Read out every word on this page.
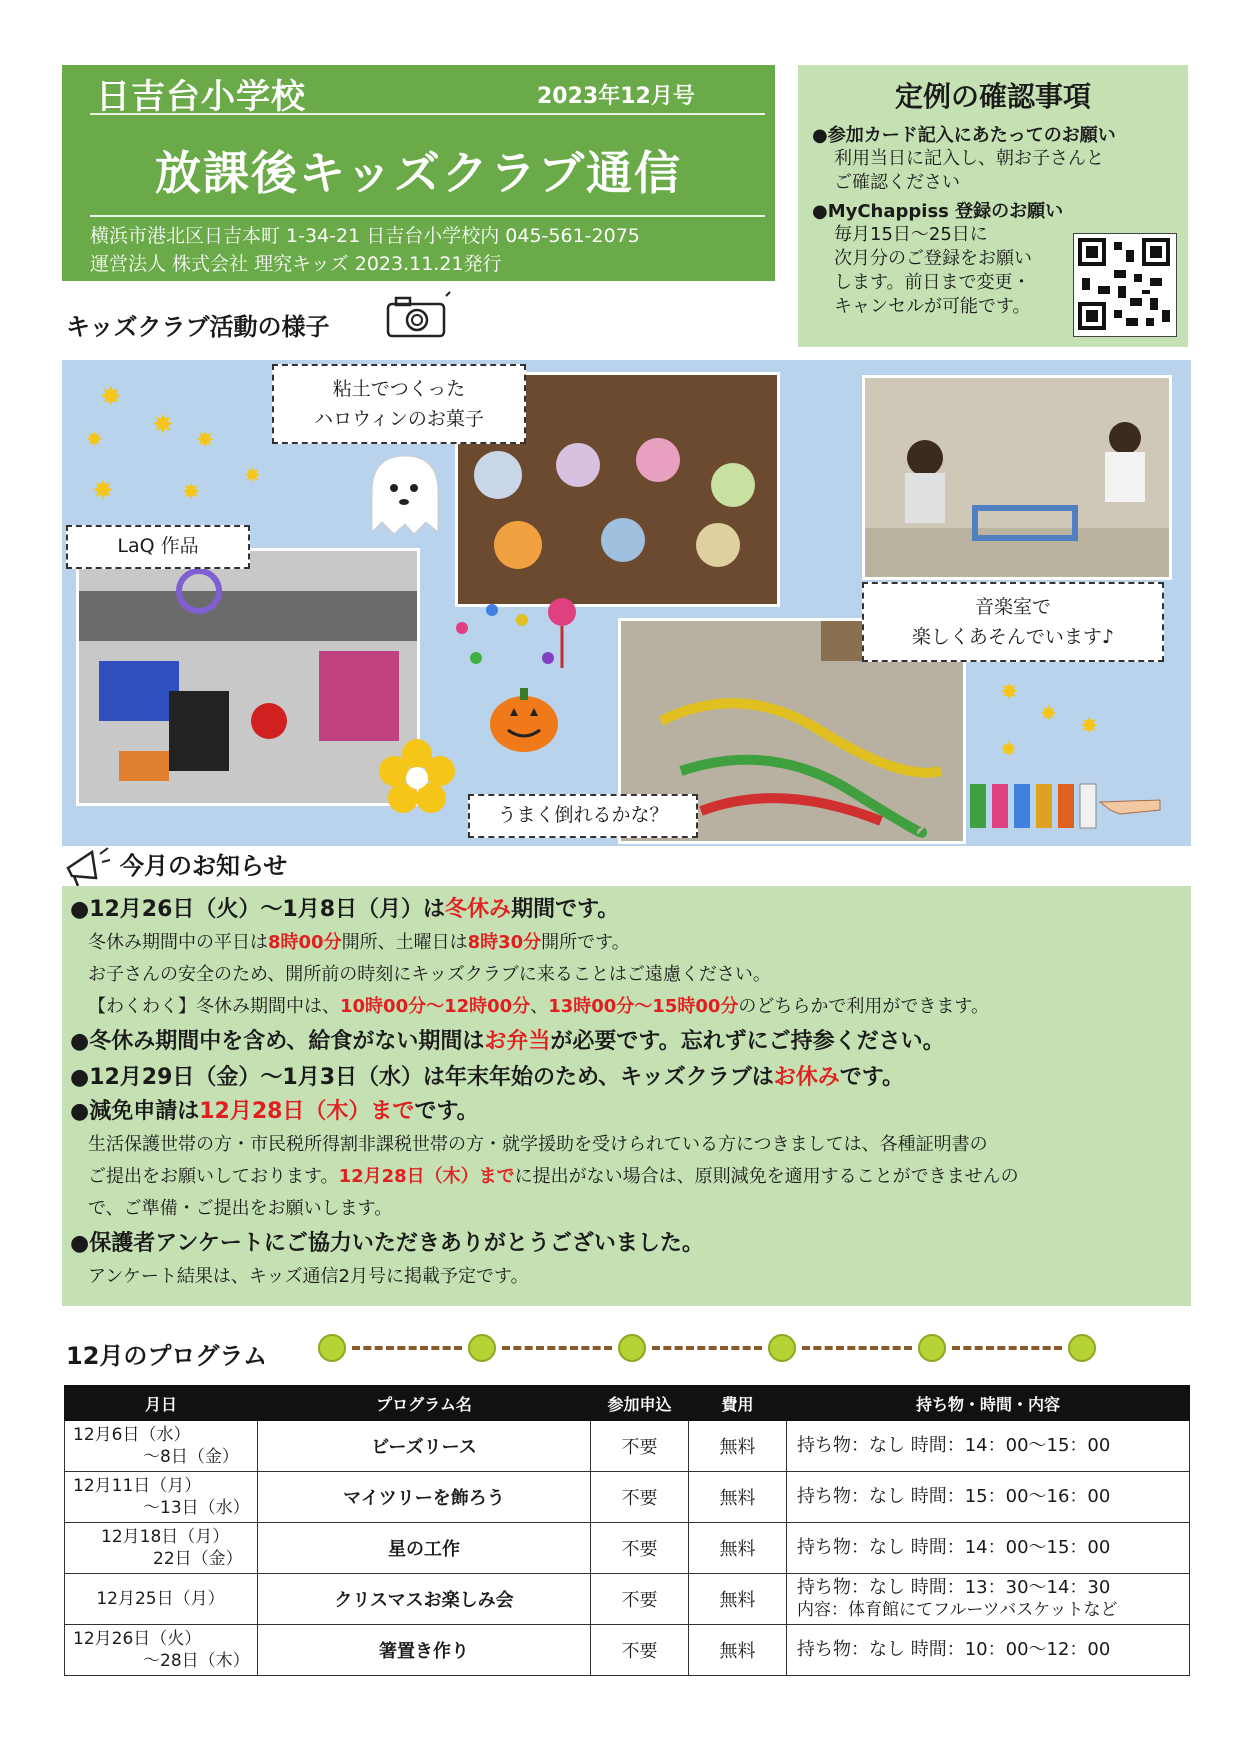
日吉台小学校	2023年12月号
放課後キッズクラブ通信
横浜市港北区日吉本町 1-34-21 日吉台小学校内 045-561-2075
運営法人 株式会社 理究キッズ 2023.11.21発行
定例の確認事項
●参加カード記入にあたってのお願い
利用当日に記入し、朝お子さんと
ご確認ください
●MyChappiss 登録のお願い
毎月15日～25日に
次月分のご登録をお願い
します。前日まで変更・
キャンセルが可能です。
キッズクラブ活動の様子
✸
✸
✸	✸
✸	✸
✸
✸
✸
✸
✸
粘土でつくった
ハロウィンのお菓子
LaQ 作品
音楽室で
楽しくあそんでいます♪
うまく倒れるかな？
今月のお知らせ
●12月26日（火）～1月8日（月）は冬休み期間です。
冬休み期間中の平日は8時00分開所、土曜日は8時30分開所です。
お子さんの安全のため、開所前の時刻にキッズクラブに来ることはご遠慮ください。
【わくわく】冬休み期間中は、10時00分～12時00分、13時00分～15時00分のどちらかで利用ができます。
●冬休み期間中を含め、給食がない期間はお弁当が必要です。忘れずにご持参ください。
●12月29日（金）～1月3日（水）は年末年始のため、キッズクラブはお休みです。
●減免申請は12月28日（木）までです。
生活保護世帯の方・市民税所得割非課税世帯の方・就学援助を受けられている方につきましては、各種証明書の
ご提出をお願いしております。12月28日（木）までに提出がない場合は、原則減免を適用することができませんの
で、ご準備・ご提出をお願いします。
●保護者アンケートにご協力いただきありがとうございました。
アンケート結果は、キッズ通信2月号に掲載予定です。
12月のプログラム
月日	プログラム名	参加申込	費用	持ち物・時間・内容

12月6日（水）
～8日（金）	ビーズリース	不要	無料	持ち物：なし 時間：14：00～15：00

12月11日（月）
～13日（水）	マイツリーを飾ろう	不要	無料	持ち物：なし 時間：15：00～16：00

12月18日（月）
22日（金）	星の工作	不要	無料	持ち物：なし 時間：14：00～15：00

12月25日（月）	クリスマスお楽しみ会	不要	無料	持ち物：なし 時間：13：30～14：30
内容：体育館にてフルーツバスケットなど

12月26日（火）
～28日（木）	箸置き作り	不要	無料	持ち物：なし 時間：10：00～12：00
